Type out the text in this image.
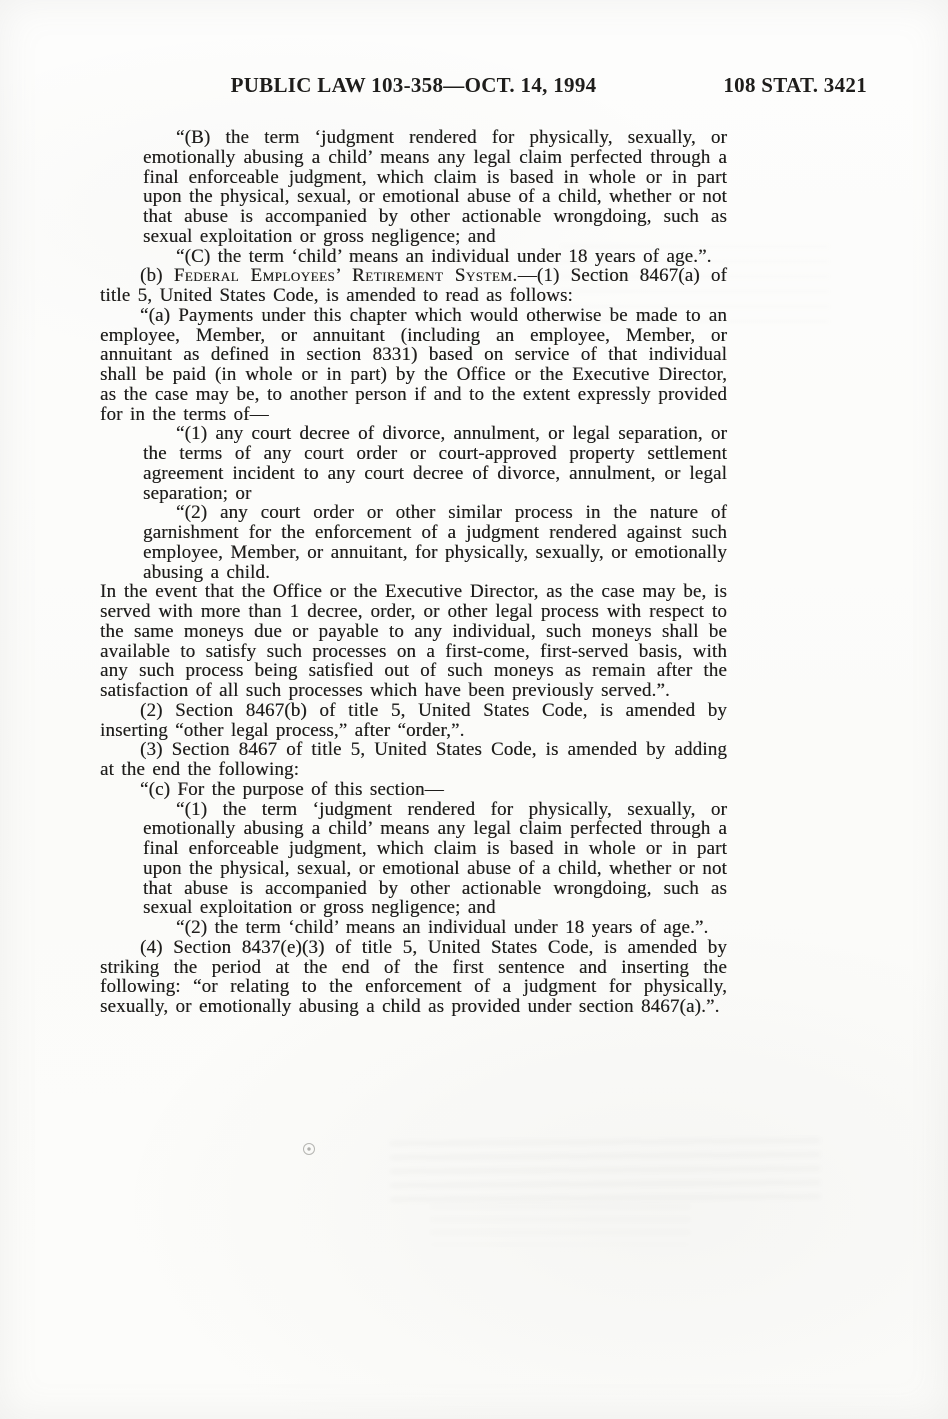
PUBLIC LAW 103-358—OCT. 14, 1994	108 STAT. 3421

“(B) the term ‘judgment rendered for physically, sexually, or emotionally abusing a child’ means any legal claim perfected through a final enforceable judgment, which claim is based in whole or in part upon the physical, sexual, or emotional abuse of a child, whether or not that abuse is accompanied by other actionable wrongdoing, such as sexual exploitation or gross negligence; and

“(C) the term ‘child’ means an individual under 18 years of age.”.

(b) Federal Employees’ Retirement System.—(1) Section 8467(a) of title 5, United States Code, is amended to read as follows:

“(a) Payments under this chapter which would otherwise be made to an employee, Member, or annuitant (including an employee, Member, or annuitant as defined in section 8331) based on service of that individual shall be paid (in whole or in part) by the Office or the Executive Director, as the case may be, to another person if and to the extent expressly provided for in the terms of—

“(1) any court decree of divorce, annulment, or legal separation, or the terms of any court order or court-approved property settlement agreement incident to any court decree of divorce, annulment, or legal separation; or

“(2) any court order or other similar process in the nature of garnishment for the enforcement of a judgment rendered against such employee, Member, or annuitant, for physically, sexually, or emotionally abusing a child.

In the event that the Office or the Executive Director, as the case may be, is served with more than 1 decree, order, or other legal process with respect to the same moneys due or payable to any individual, such moneys shall be available to satisfy such processes on a first-come, first-served basis, with any such process being satisfied out of such moneys as remain after the satisfaction of all such processes which have been previously served.”.

(2) Section 8467(b) of title 5, United States Code, is amended by inserting “other legal process,” after “order,”.

(3) Section 8467 of title 5, United States Code, is amended by adding at the end the following:

“(c) For the purpose of this section—

“(1) the term ‘judgment rendered for physically, sexually, or emotionally abusing a child’ means any legal claim perfected through a final enforceable judgment, which claim is based in whole or in part upon the physical, sexual, or emotional abuse of a child, whether or not that abuse is accompanied by other actionable wrongdoing, such as sexual exploitation or gross negligence; and

“(2) the term ‘child’ means an individual under 18 years of age.”.

(4) Section 8437(e)(3) of title 5, United States Code, is amended by striking the period at the end of the first sentence and inserting the following: “or relating to the enforcement of a judgment for physically, sexually, or emotionally abusing a child as provided under section 8467(a).”.
